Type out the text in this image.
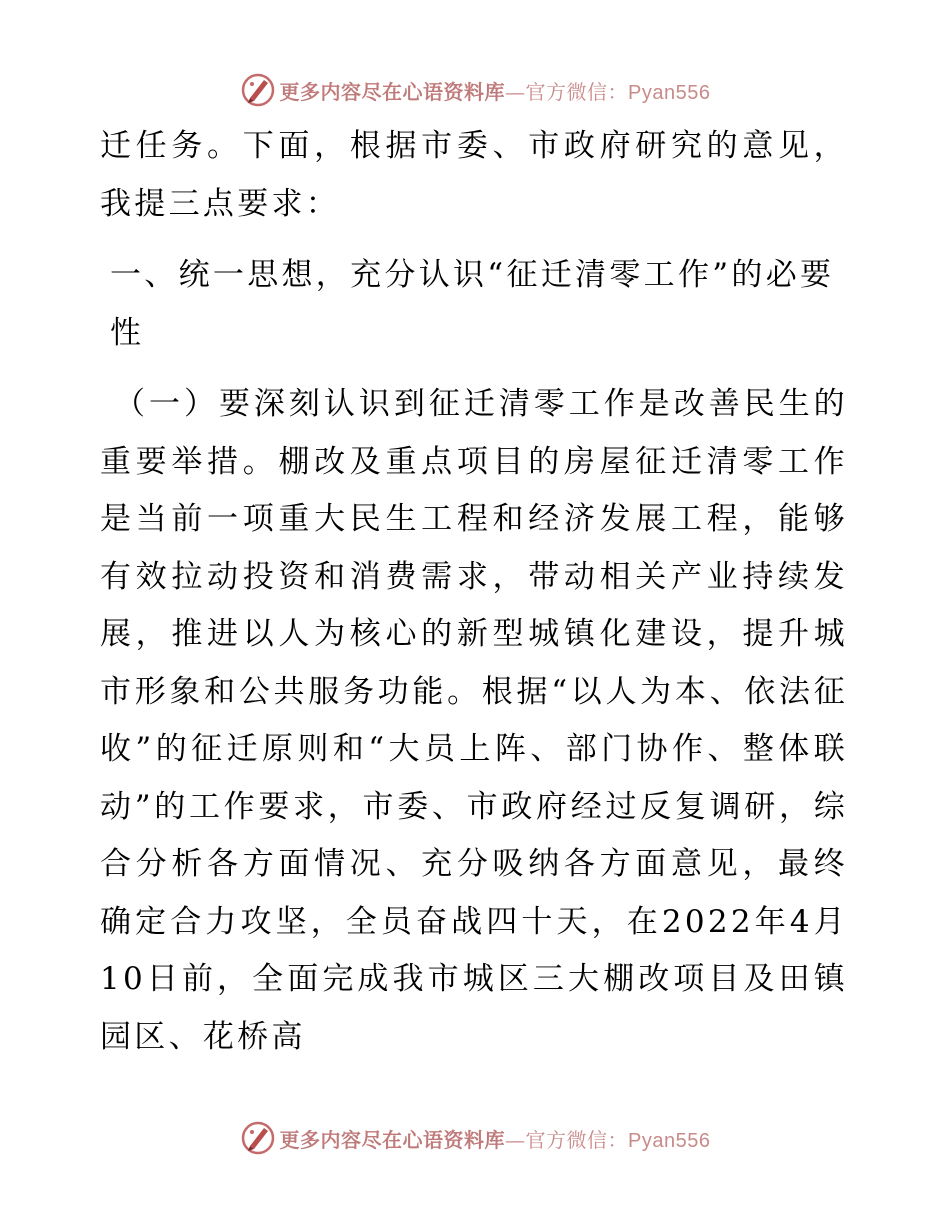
更多内容尽在心语资料库—官方微信：Pyan556

迁任务。下面，根据市委、市政府研究的意见，我提三点要求：

一、统一思想，充分认识“征迁清零工作”的必要性

（一）要深刻认识到征迁清零工作是改善民生的重要举措。棚改及重点项目的房屋征迁清零工作是当前一项重大民生工程和经济发展工程，能够有效拉动投资和消费需求，带动相关产业持续发展，推进以人为核心的新型城镇化建设，提升城市形象和公共服务功能。根据“以人为本、依法征收”的征迁原则和“大员上阵、部门协作、整体联动”的工作要求，市委、市政府经过反复调研，综合分析各方面情况、充分吸纳各方面意见，最终确定合力攻坚，全员奋战四十天，在2022年4月10日前，全面完成我市城区三大棚改项目及田镇园区、花桥高

更多内容尽在心语资料库—官方微信：Pyan556
